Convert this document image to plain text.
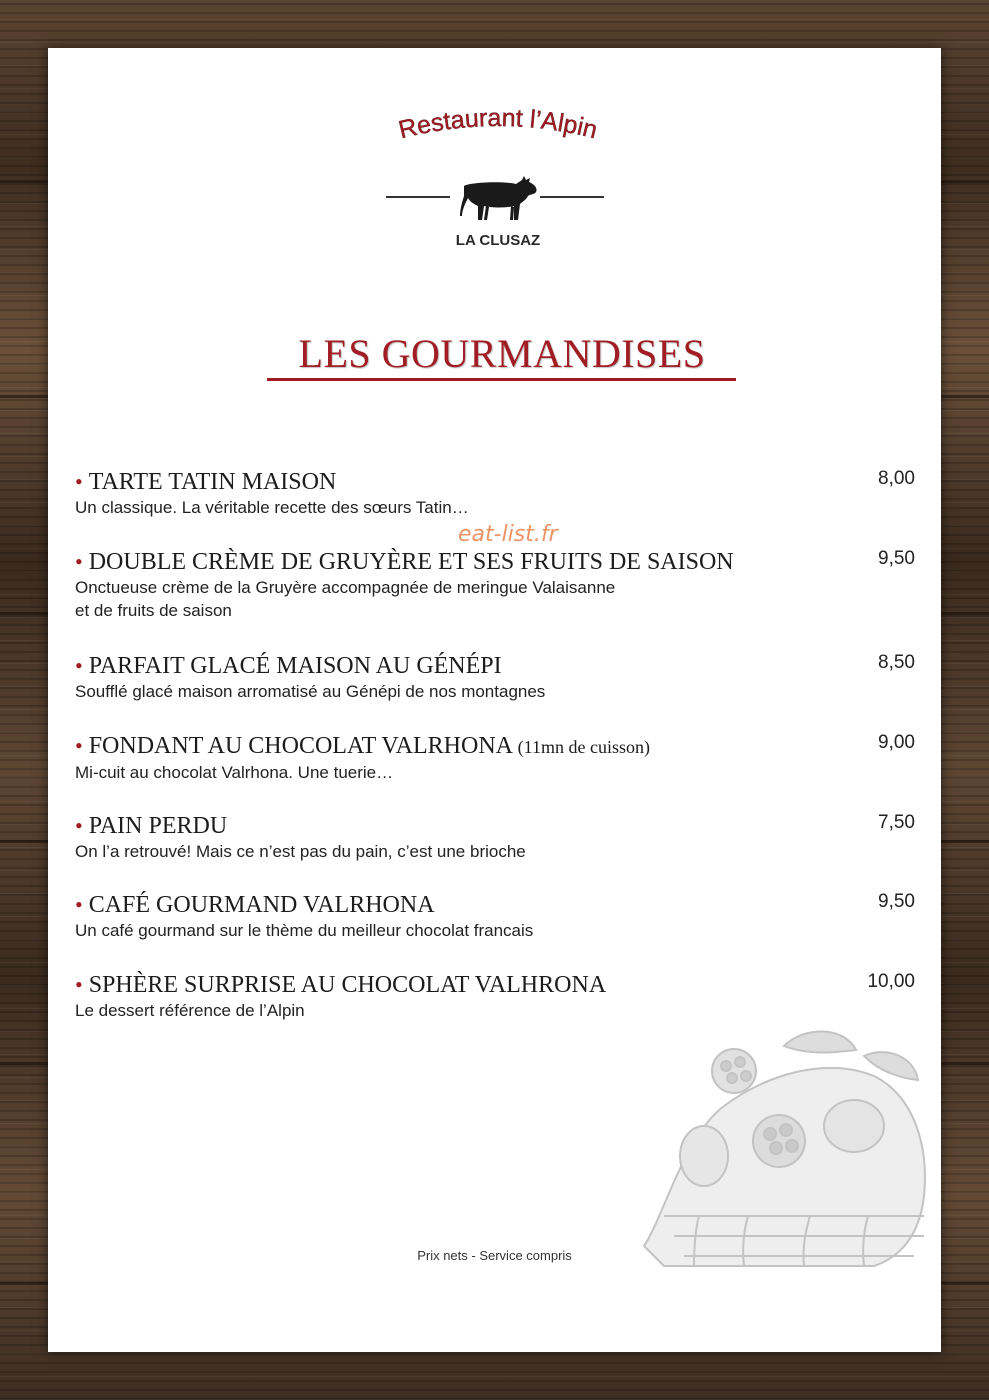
Restaurant l’Alpin
LA CLUSAZ
LES GOURMANDISES
eat-list.fr
• TARTE TATIN MAISON
Un classique. La véritable recette des sœurs Tatin…
8,00
• DOUBLE CRÈME DE GRUYÈRE ET SES FRUITS DE SAISON
Onctueuse crème de la Gruyère accompagnée de meringue Valaisanne
et de fruits de saison
9,50
• PARFAIT GLACÉ MAISON AU GÉNÉPI
Soufflé glacé maison arromatisé au Génépi de nos montagnes
8,50
• FONDANT AU CHOCOLAT VALRHONA (11mn de cuisson)
Mi-cuit au chocolat Valrhona. Une tuerie…
9,00
• PAIN PERDU
On l’a retrouvé! Mais ce n’est pas du pain, c’est une brioche
7,50
• CAFÉ GOURMAND VALRHONA
Un café gourmand sur le thème du meilleur chocolat francais
9,50
• SPHÈRE SURPRISE AU CHOCOLAT VALHRONA
Le dessert référence de l’Alpin
10,00
Prix nets - Service compris
